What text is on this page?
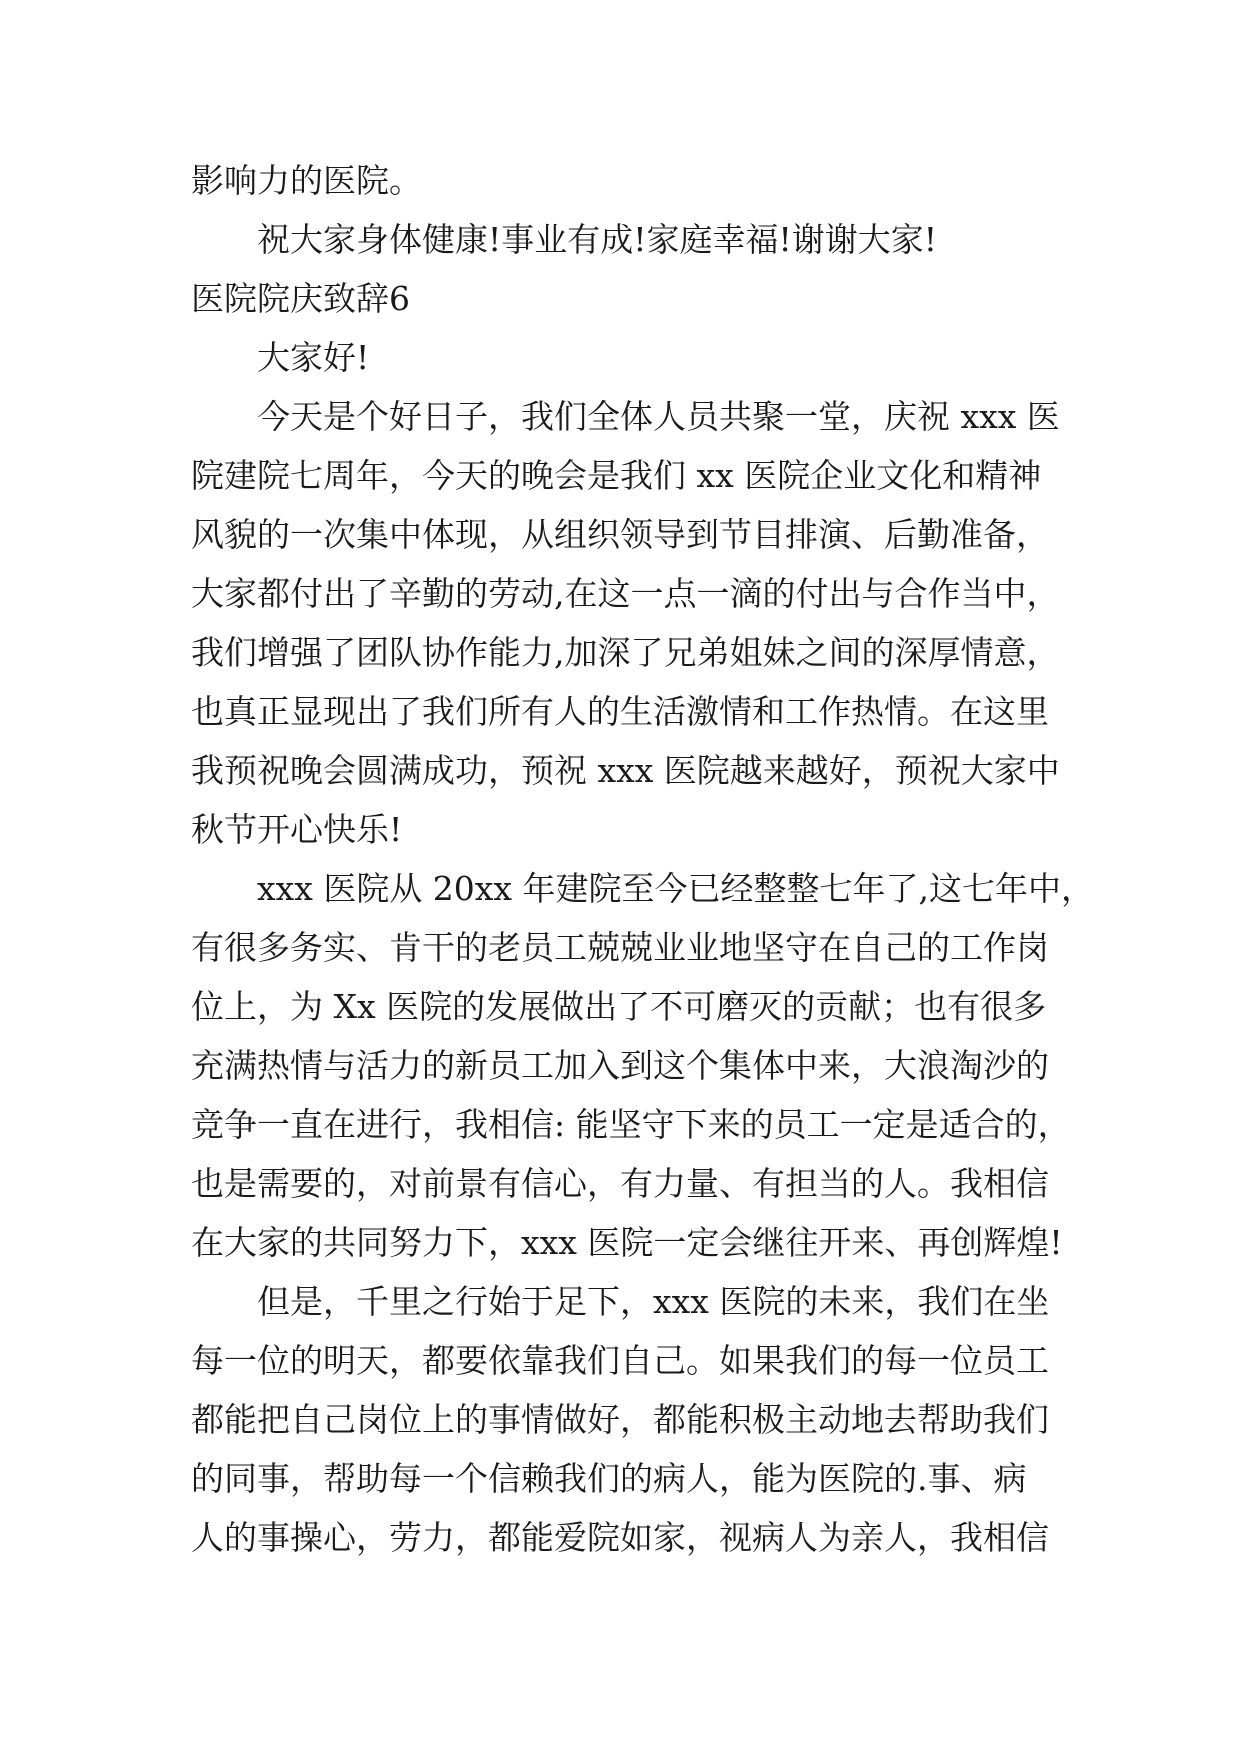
影响力的医院。
祝大家身体健康!事业有成!家庭幸福!谢谢大家!
医院院庆致辞6
大家好!
今天是个好日子，我们全体人员共聚一堂，庆祝 xxx 医
院建院七周年，今天的晚会是我们 xx 医院企业文化和精神
风貌的一次集中体现，从组织领导到节目排演、后勤准备，
大家都付出了辛勤的劳动,在这一点一滴的付出与合作当中，
我们增强了团队协作能力,加深了兄弟姐妹之间的深厚情意，
也真正显现出了我们所有人的生活激情和工作热情。在这里
我预祝晚会圆满成功，预祝 xxx 医院越来越好，预祝大家中
秋节开心快乐!
xxx 医院从 20xx 年建院至今已经整整七年了,这七年中，
有很多务实、肯干的老员工兢兢业业地坚守在自己的工作岗
位上，为 Xx 医院的发展做出了不可磨灭的贡献；也有很多
充满热情与活力的新员工加入到这个集体中来，大浪淘沙的
竞争一直在进行，我相信: 能坚守下来的员工一定是适合的，
也是需要的，对前景有信心，有力量、有担当的人。我相信
在大家的共同努力下，xxx 医院一定会继往开来、再创辉煌!
但是，千里之行始于足下，xxx 医院的未来，我们在坐
每一位的明天，都要依靠我们自己。如果我们的每一位员工
都能把自己岗位上的事情做好，都能积极主动地去帮助我们
的同事，帮助每一个信赖我们的病人，能为医院的.事、病
人的事操心，劳力，都能爱院如家，视病人为亲人，我相信
